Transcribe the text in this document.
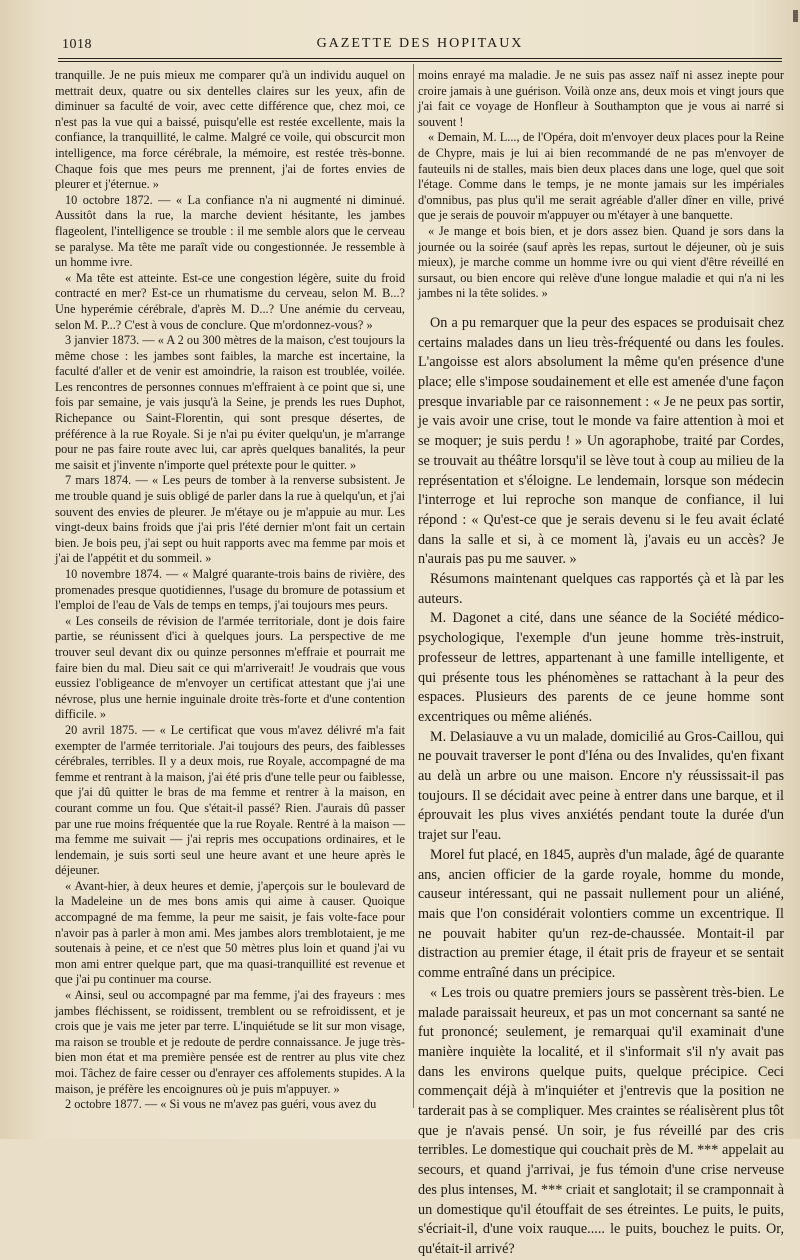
1018	GAZETTE DES HOPITAUX

tranquille. Je ne puis mieux me comparer qu'à un individu auquel on mettrait deux, quatre ou six dentelles claires sur les yeux, afin de diminuer sa faculté de voir, avec cette différence que, chez moi, ce n'est pas la vue qui a baissé, puisqu'elle est restée excellente, mais la confiance, la tranquillité, le calme. Malgré ce voile, qui obscurcit mon intelligence, ma force cérébrale, la mémoire, est restée très-bonne. Chaque fois que mes peurs me prennent, j'ai de fortes envies de pleurer et j'éternue. »

10 octobre 1872. — « La confiance n'a ni augmenté ni diminué. Aussitôt dans la rue, la marche devient hésitante, les jambes flageolent, l'intelligence se trouble : il me semble alors que le cerveau se paralyse. Ma tête me paraît vide ou congestionnée. Je ressemble à un homme ivre.

« Ma tête est atteinte. Est-ce une congestion légère, suite du froid contracté en mer? Est-ce un rhumatisme du cerveau, selon M. B...? Une hyperémie cérébrale, d'après M. D...? Une anémie du cerveau, selon M. P...? C'est à vous de conclure. Que m'ordonnez-vous? »

3 janvier 1873. — « A 2 ou 300 mètres de la maison, c'est toujours la même chose : les jambes sont faibles, la marche est incertaine, la faculté d'aller et de venir est amoindrie, la raison est troublée, voilée. Les rencontres de personnes connues m'effraient à ce point que si, une fois par semaine, je vais jusqu'à la Seine, je prends les rues Duphot, Richepance ou Saint-Florentin, qui sont presque désertes, de préférence à la rue Royale. Si je n'ai pu éviter quelqu'un, je m'arrange pour ne pas faire route avec lui, car après quelques banalités, la peur me saisit et j'invente n'importe quel prétexte pour le quitter. »

7 mars 1874. — « Les peurs de tomber à la renverse subsistent. Je me trouble quand je suis obligé de parler dans la rue à quelqu'un, et j'ai souvent des envies de pleurer. Je m'étaye ou je m'appuie au mur. Les vingt-deux bains froids que j'ai pris l'été dernier m'ont fait un certain bien. Je bois peu, j'ai sept ou huit rapports avec ma femme par mois et j'ai de l'appétit et du sommeil. »

10 novembre 1874. — « Malgré quarante-trois bains de rivière, des promenades presque quotidiennes, l'usage du bromure de potassium et l'emploi de l'eau de Vals de temps en temps, j'ai toujours mes peurs.

« Les conseils de révision de l'armée territoriale, dont je dois faire partie, se réunissent d'ici à quelques jours. La perspective de me trouver seul devant dix ou quinze personnes m'effraie et pourrait me faire bien du mal. Dieu sait ce qui m'arriverait! Je voudrais que vous eussiez l'obligeance de m'envoyer un certificat attestant que j'ai une névrose, plus une hernie inguinale droite très-forte et d'une contention difficile. »

20 avril 1875. — « Le certificat que vous m'avez délivré m'a fait exempter de l'armée territoriale. J'ai toujours des peurs, des faiblesses cérébrales, terribles. Il y a deux mois, rue Royale, accompagné de ma femme et rentrant à la maison, j'ai été pris d'une telle peur ou faiblesse, que j'ai dû quitter le bras de ma femme et rentrer à la maison, en courant comme un fou. Que s'était-il passé? Rien. J'aurais dû passer par une rue moins fréquentée que la rue Royale. Rentré à la maison — ma femme me suivait — j'ai repris mes occupations ordinaires, et le lendemain, je suis sorti seul une heure avant et une heure après le déjeuner.

« Avant-hier, à deux heures et demie, j'aperçois sur le boulevard de la Madeleine un de mes bons amis qui aime à causer. Quoique accompagné de ma femme, la peur me saisit, je fais volte-face pour n'avoir pas à parler à mon ami. Mes jambes alors tremblotaient, je me soutenais à peine, et ce n'est que 50 mètres plus loin et quand j'ai vu mon ami entrer quelque part, que ma quasi-tranquillité est revenue et que j'ai pu continuer ma course.

« Ainsi, seul ou accompagné par ma femme, j'ai des frayeurs : mes jambes fléchissent, se roidissent, tremblent ou se refroidissent, et je crois que je vais me jeter par terre. L'inquiétude se lit sur mon visage, ma raison se trouble et je redoute de perdre connaissance. Je juge très-bien mon état et ma première pensée est de rentrer au plus vite chez moi. Tâchez de faire cesser ou d'enrayer ces affolements stupides. A la maison, je préfère les encoignures où je puis m'appuyer. »

2 octobre 1877. — « Si vous ne m'avez pas guéri, vous avez du

moins enrayé ma maladie. Je ne suis pas assez naïf ni assez inepte pour croire jamais à une guérison. Voilà onze ans, deux mois et vingt jours que j'ai fait ce voyage de Honfleur à Southampton que je vous ai narré si souvent !

« Demain, M. L..., de l'Opéra, doit m'envoyer deux places pour la Reine de Chypre, mais je lui ai bien recommandé de ne pas m'envoyer de fauteuils ni de stalles, mais bien deux places dans une loge, quel que soit l'étage. Comme dans le temps, je ne monte jamais sur les impériales d'omnibus, pas plus qu'il me serait agréable d'aller dîner en ville, privé que je serais de pouvoir m'appuyer ou m'étayer à une banquette.

« Je mange et bois bien, et je dors assez bien. Quand je sors dans la journée ou la soirée (sauf après les repas, surtout le déjeuner, où je suis mieux), je marche comme un homme ivre ou qui vient d'être réveillé en sursaut, ou bien encore qui relève d'une longue maladie et qui n'a ni les jambes ni la tête solides. »

On a pu remarquer que la peur des espaces se produisait chez certains malades dans un lieu très-fréquenté ou dans les foules. L'angoisse est alors absolument la même qu'en présence d'une place; elle s'impose soudainement et elle est amenée d'une façon presque invariable par ce raisonnement : « Je ne peux pas sortir, je vais avoir une crise, tout le monde va faire attention à moi et se moquer; je suis perdu ! » Un agoraphobe, traité par Cordes, se trouvait au théâtre lorsqu'il se lève tout à coup au milieu de la représentation et s'éloigne. Le lendemain, lorsque son médecin l'interroge et lui reproche son manque de confiance, il lui répond : « Qu'est-ce que je serais devenu si le feu avait éclaté dans la salle et si, à ce moment là, j'avais eu un accès? Je n'aurais pas pu me sauver. »

Résumons maintenant quelques cas rapportés çà et là par les auteurs.

M. Dagonet a cité, dans une séance de la Société médico-psychologique, l'exemple d'un jeune homme très-instruit, professeur de lettres, appartenant à une famille intelligente, et qui présente tous les phénomènes se rattachant à la peur des espaces. Plusieurs des parents de ce jeune homme sont excentriques ou même aliénés.

M. Delasiauve a vu un malade, domicilié au Gros-Caillou, qui ne pouvait traverser le pont d'Iéna ou des Invalides, qu'en fixant au delà un arbre ou une maison. Encore n'y réussissait-il pas toujours. Il se décidait avec peine à entrer dans une barque, et il éprouvait les plus vives anxiétés pendant toute la durée d'un trajet sur l'eau.

Morel fut placé, en 1845, auprès d'un malade, âgé de quarante ans, ancien officier de la garde royale, homme du monde, causeur intéressant, qui ne passait nullement pour un aliéné, mais que l'on considérait volontiers comme un excentrique. Il ne pouvait habiter qu'un rez-de-chaussée. Montait-il par distraction au premier étage, il était pris de frayeur et se sentait comme entraîné dans un précipice.

« Les trois ou quatre premiers jours se passèrent très-bien. Le malade paraissait heureux, et pas un mot concernant sa santé ne fut prononcé; seulement, je remarquai qu'il examinait d'une manière inquiète la localité, et il s'informait s'il n'y avait pas dans les environs quelque puits, quelque précipice. Ceci commençait déjà à m'inquiéter et j'entrevis que la position ne tarderait pas à se compliquer. Mes craintes se réalisèrent plus tôt que je n'avais pensé. Un soir, je fus réveillé par des cris terribles. Le domestique qui couchait près de M. *** appelait au secours, et quand j'arrivai, je fus témoin d'une crise nerveuse des plus intenses, M. *** criait et sanglotait; il se cramponnait à un domestique qu'il étouffait de ses étreintes. Le puits, le puits, s'écriait-il, d'une voix rauque..... le puits, bouchez le puits. Or, qu'était-il arrivé?
